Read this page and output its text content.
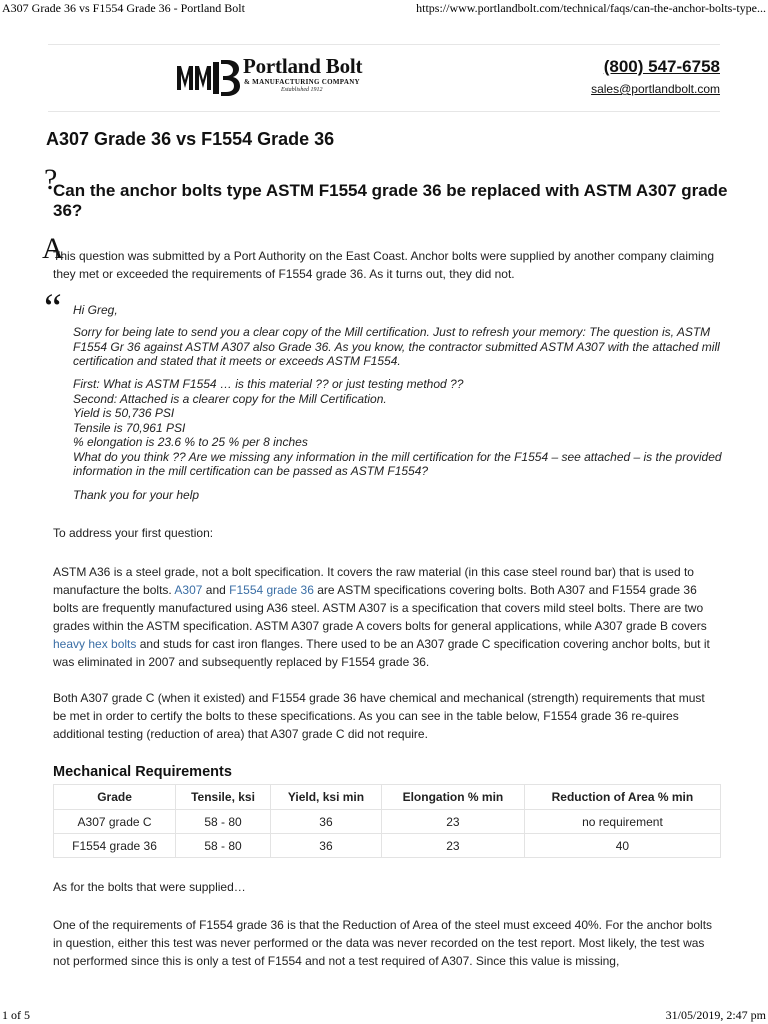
A307 Grade 36 vs F1554 Grade 36 - Portland Bolt	https://www.portlandbolt.com/technical/faqs/can-the-anchor-bolts-type...
Portland Bolt
& MANUFACTURING COMPANY
Established 1912
(800) 547-6758
sales@portlandbolt.com
A307 Grade 36 vs F1554 Grade 36
?
Can the anchor bolts type ASTM F1554 grade 36 be replaced with ASTM A307 grade 36?
A

This question was submitted by a Port Authority on the East Coast. Anchor bolts were supplied by another company claiming they met or exceeded the requirements of F1554 grade 36. As it turns out, they did not.

“ Hi Greg,

Sorry for being late to send you a clear copy of the Mill certification. Just to refresh your memory: The question is, ASTM F1554 Gr 36 against ASTM A307 also Grade 36. As you know, the contractor submitted ASTM A307 with the attached mill certification and stated that it meets or exceeds ASTM F1554.

First: What is ASTM F1554 … is this material ?? or just testing method ??
Second: Attached is a clearer copy for the Mill Certification.
Yield is 50,736 PSI
Tensile is 70,961 PSI
% elongation is 23.6 % to 25 % per 8 inches
What do you think ?? Are we missing any information in the mill certification for the F1554 – see attached – is the provided information in the mill certification can be passed as ASTM F1554?

Thank you for your help

To address your first question:

ASTM A36 is a steel grade, not a bolt specification. It covers the raw material (in this case steel round bar) that is used to manufacture the bolts. A307 and F1554 grade 36 are ASTM specifications covering bolts. Both A307 and F1554 grade 36 bolts are frequently manufactured using A36 steel. ASTM A307 is a specification that covers mild steel bolts. There are two grades within the ASTM specification. ASTM A307 grade A covers bolts for general applications, while A307 grade B covers heavy hex bolts and studs for cast iron flanges. There used to be an A307 grade C specification covering anchor bolts, but it was eliminated in 2007 and subsequently replaced by F1554 grade 36.

Both A307 grade C (when it existed) and F1554 grade 36 have chemical and mechanical (strength) requirements that must be met in order to certify the bolts to these specifications. As you can see in the table below, F1554 grade 36 re-quires additional testing (reduction of area) that A307 grade C did not require.

Mechanical Requirements
Grade	Tensile, ksi	Yield, ksi min	Elongation % min	Reduction of Area % min
A307 grade C	58 - 80	36	23	no requirement
F1554 grade 36	58 - 80	36	23	40

As for the bolts that were supplied…

One of the requirements of F1554 grade 36 is that the Reduction of Area of the steel must exceed 40%. For the anchor bolts in question, either this test was never performed or the data was never recorded on the test report. Most likely, the test was not performed since this is only a test of F1554 and not a test required of A307. Since this value is missing,

1 of 5	31/05/2019, 2:47 pm
